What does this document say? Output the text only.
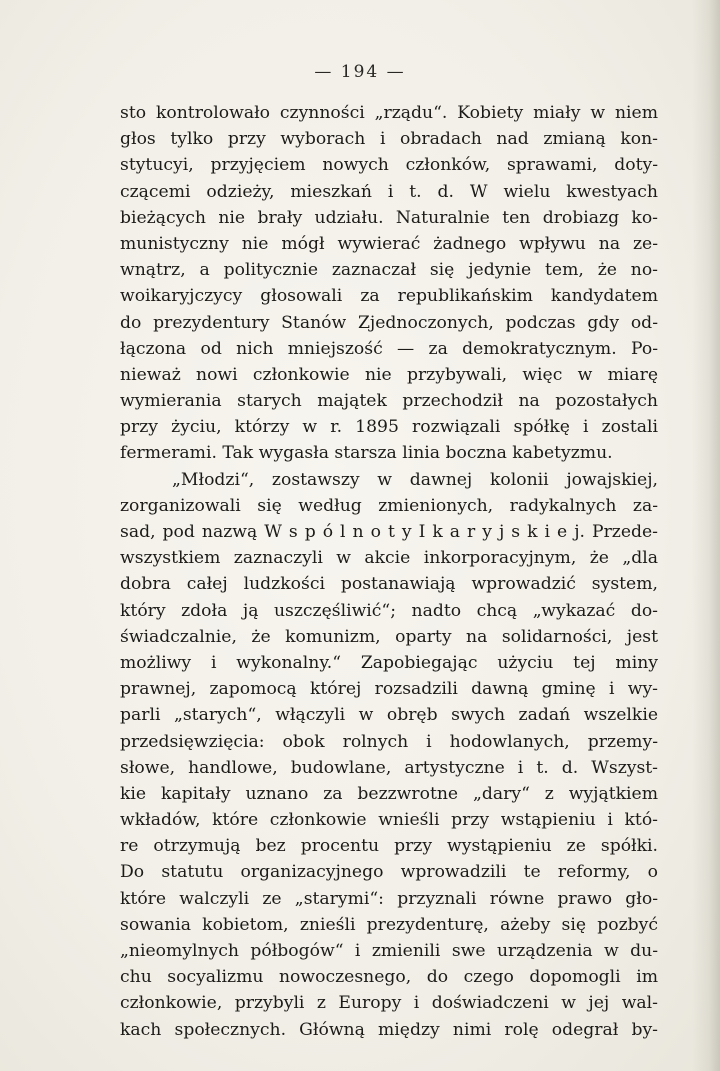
— 194 —
sto kontrolowało czynności „rządu“. Kobiety miały w niem
głos tylko przy wyborach i obradach nad zmianą kon-
stytucyi, przyjęciem nowych członków, sprawami, doty-
czącemi odzieży, mieszkań i t. d. W wielu kwestyach
bieżących nie brały udziału. Naturalnie ten drobiazg ko-
munistyczny nie mógł wywierać żadnego wpływu na ze-
wnątrz, a politycznie zaznaczał się jedynie tem, że no-
woikaryjczycy głosowali za republikańskim kandydatem
do prezydentury Stanów Zjednoczonych, podczas gdy od-
łączona od nich mniejszość — za demokratycznym. Po-
nieważ nowi członkowie nie przybywali, więc w miarę
wymierania starych majątek przechodził na pozostałych
przy życiu, którzy w r. 1895 rozwiązali spółkę i zostali
fermerami. Tak wygasła starsza linia boczna kabetyzmu.
„Młodzi“, zostawszy w dawnej kolonii jowajskiej,
zorganizowali się według zmienionych, radykalnych za-
sad, pod nazwą W s p ó l n o t y I k a r y j s k i e j. Przede-
wszystkiem zaznaczyli w akcie inkorporacyjnym, że „dla
dobra całej ludzkości postanawiają wprowadzić system,
który zdoła ją uszczęśliwić“; nadto chcą „wykazać do-
świadczalnie, że komunizm, oparty na solidarności, jest
możliwy i wykonalny.“ Zapobiegając użyciu tej miny
prawnej, zapomocą której rozsadzili dawną gminę i wy-
parli „starych“, włączyli w obręb swych zadań wszelkie
przedsięwzięcia: obok rolnych i hodowlanych, przemy-
słowe, handlowe, budowlane, artystyczne i t. d. Wszyst-
kie kapitały uznano za bezzwrotne „dary“ z wyjątkiem
wkładów, które członkowie wnieśli przy wstąpieniu i któ-
re otrzymują bez procentu przy wystąpieniu ze spółki.
Do statutu organizacyjnego wprowadzili te reformy, o
które walczyli ze „starymi“: przyznali równe prawo gło-
sowania kobietom, znieśli prezydenturę, ażeby się pozbyć
„nieomylnych półbogów“ i zmienili swe urządzenia w du-
chu socyalizmu nowoczesnego, do czego dopomogli im
członkowie, przybyli z Europy i doświadczeni w jej wal-
kach społecznych. Główną między nimi rolę odegrał by-
